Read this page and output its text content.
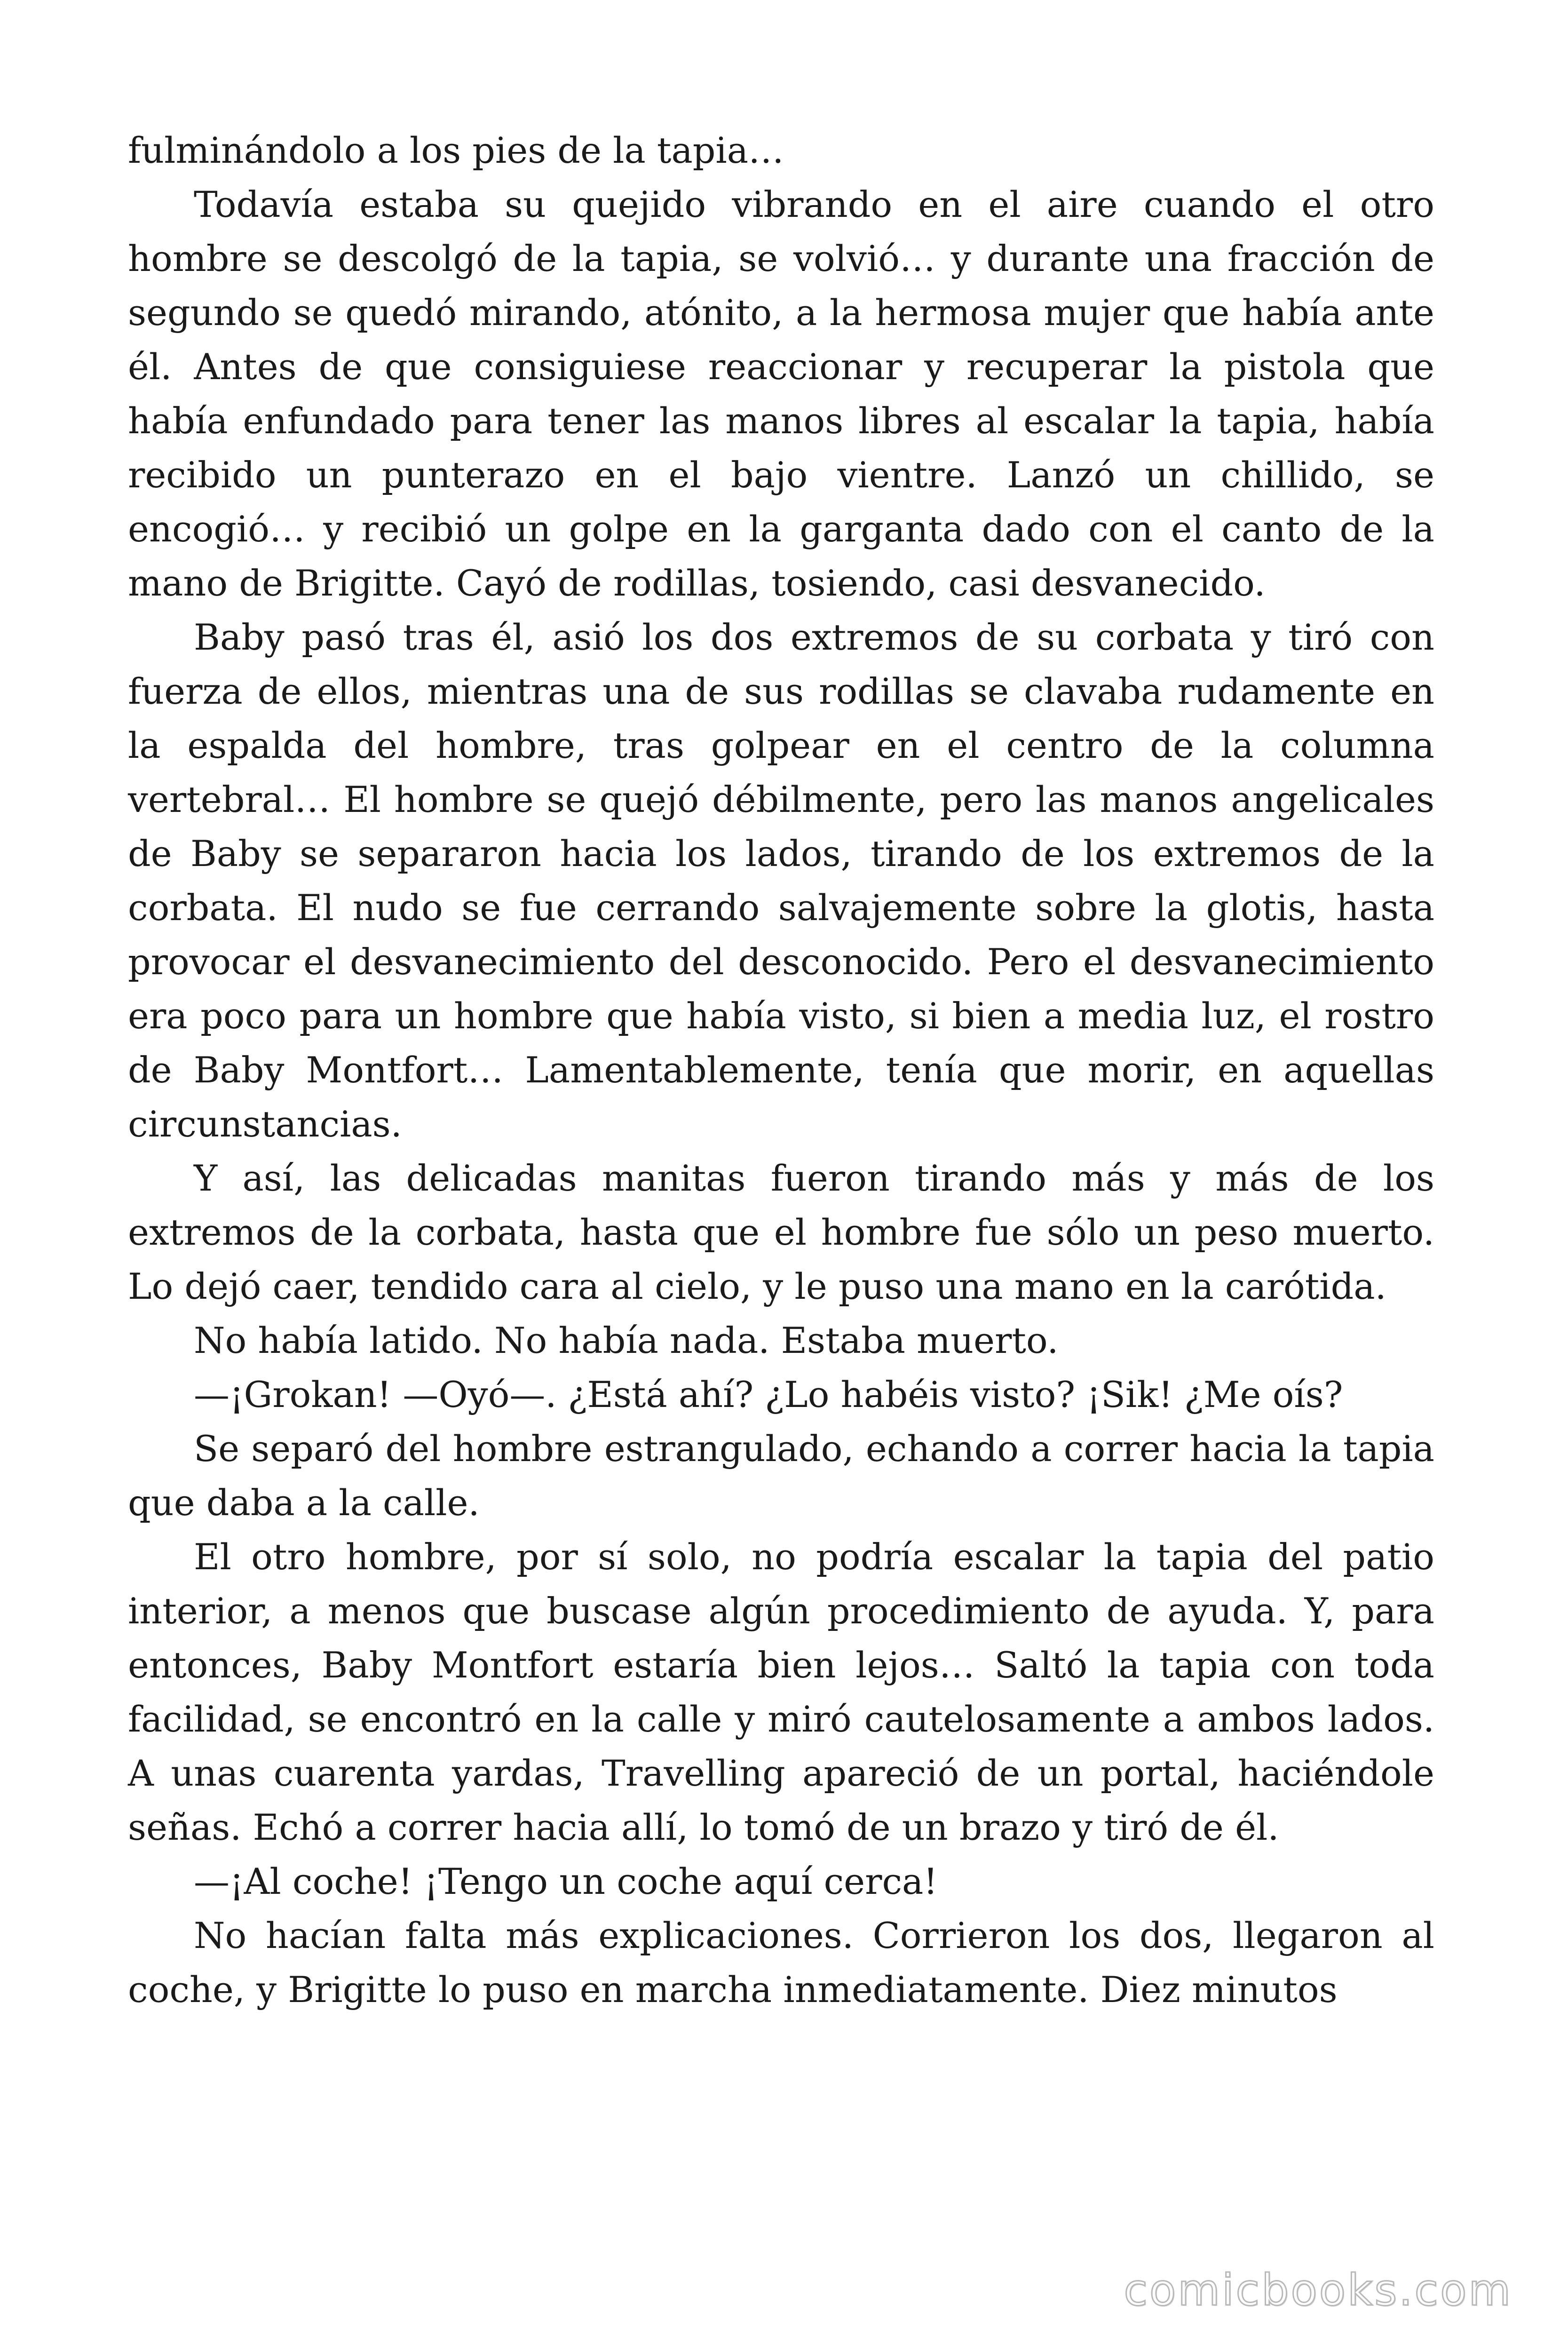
fulminándolo a los pies de la tapia…

Todavía estaba su quejido vibrando en el aire cuando el otro hombre se descolgó de la tapia, se volvió… y durante una fracción de segundo se quedó mirando, atónito, a la hermosa mujer que había ante él. Antes de que consiguiese reaccionar y recuperar la pistola que había enfundado para tener las manos libres al escalar la tapia, había recibido un punterazo en el bajo vientre. Lanzó un chillido, se encogió… y recibió un golpe en la garganta dado con el canto de la mano de Brigitte. Cayó de rodillas, tosiendo, casi desvanecido.

Baby pasó tras él, asió los dos extremos de su corbata y tiró con fuerza de ellos, mientras una de sus rodillas se clavaba rudamente en la espalda del hombre, tras golpear en el centro de la columna vertebral… El hombre se quejó débilmente, pero las manos angelicales de Baby se separaron hacia los lados, tirando de los extremos de la corbata. El nudo se fue cerrando salvajemente sobre la glotis, hasta provocar el desvanecimiento del desconocido. Pero el desvanecimiento era poco para un hombre que había visto, si bien a media luz, el rostro de Baby Montfort… Lamentablemente, tenía que morir, en aquellas circunstancias.

Y así, las delicadas manitas fueron tirando más y más de los extremos de la corbata, hasta que el hombre fue sólo un peso muerto. Lo dejó caer, tendido cara al cielo, y le puso una mano en la carótida.

No había latido. No había nada. Estaba muerto.

—¡Grokan! —Oyó—. ¿Está ahí? ¿Lo habéis visto? ¡Sik! ¿Me oís?

Se separó del hombre estrangulado, echando a correr hacia la tapia que daba a la calle.

El otro hombre, por sí solo, no podría escalar la tapia del patio interior, a menos que buscase algún procedimiento de ayuda. Y, para entonces, Baby Montfort estaría bien lejos… Saltó la tapia con toda facilidad, se encontró en la calle y miró cautelosamente a ambos lados. A unas cuarenta yardas, Travelling apareció de un portal, haciéndole señas. Echó a correr hacia allí, lo tomó de un brazo y tiró de él.

—¡Al coche! ¡Tengo un coche aquí cerca!

No hacían falta más explicaciones. Corrieron los dos, llegaron al coche, y Brigitte lo puso en marcha inmediatamente. Diez minutos

comicbooks.com
